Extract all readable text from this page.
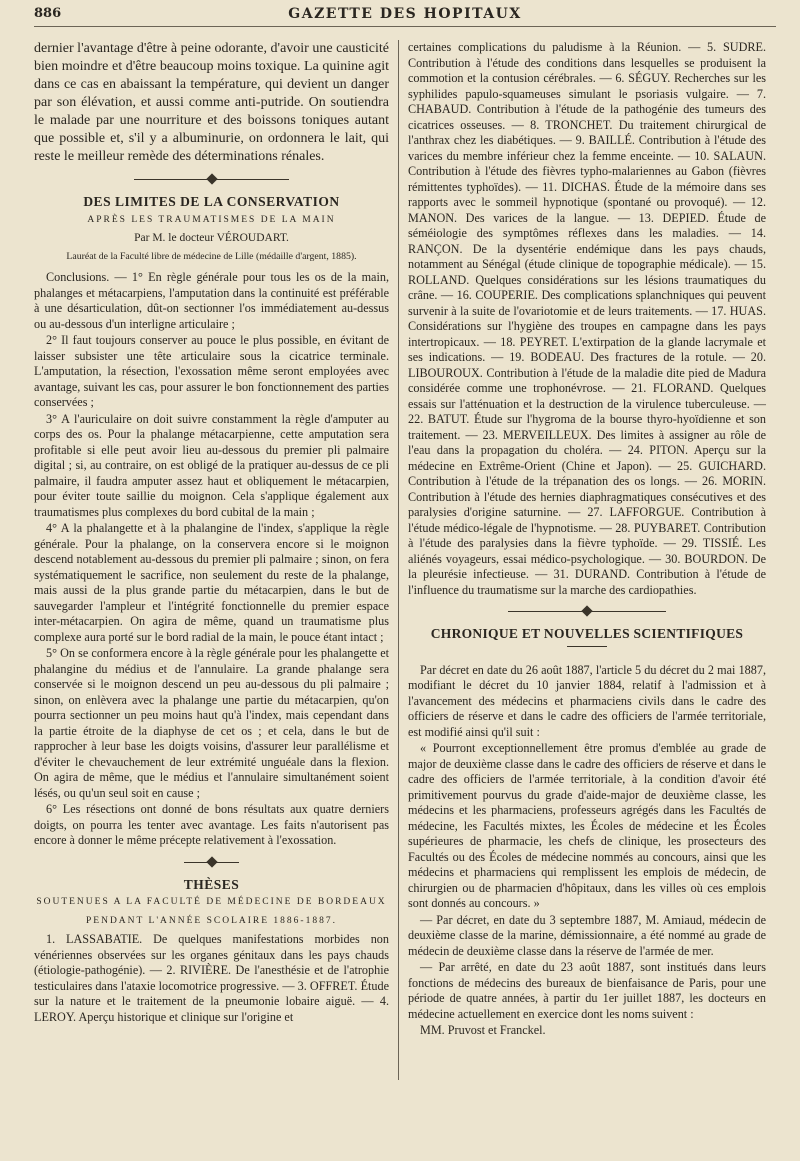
886	GAZETTE DES HOPITAUX

dernier l'avantage d'être à peine odorante, d'avoir une causticité bien moindre et d'être beaucoup moins toxique. La quinine agit dans ce cas en abaissant la température, qui devient un danger par son élévation, et aussi comme anti-putride. On soutiendra le malade par une nourriture et des boissons toniques autant que possible et, s'il y a albuminurie, on ordonnera le lait, qui reste le meilleur remède des déterminations rénales.

DES LIMITES DE LA CONSERVATION
APRÈS LES TRAUMATISMES DE LA MAIN
Par M. le docteur VÉROUDART.
Lauréat de la Faculté libre de médecine de Lille (médaille d'argent, 1885).

Conclusions. — 1° En règle générale pour tous les os de la main, phalanges et métacarpiens, l'amputation dans la continuité est préférable à une désarticulation, dût-on sectionner l'os immédiatement au-dessus ou au-dessous d'un interligne articulaire ;

2° Il faut toujours conserver au pouce le plus possible, en évitant de laisser subsister une tête articulaire sous la cicatrice terminale. L'amputation, la résection, l'exossation même seront employées avec avantage, suivant les cas, pour assurer le bon fonctionnement des parties conservées ;

3° A l'auriculaire on doit suivre constamment la règle d'amputer au corps des os. Pour la phalange métacarpienne, cette amputation sera profitable si elle peut avoir lieu au-dessous du premier pli palmaire digital ; si, au contraire, on est obligé de la pratiquer au-dessus de ce pli palmaire, il faudra amputer assez haut et obliquement le métacarpien, pour éviter toute saillie du moignon. Cela s'applique également aux traumatismes plus complexes du bord cubital de la main ;

4° A la phalangette et à la phalangine de l'index, s'applique la règle générale. Pour la phalange, on la conservera encore si le moignon descend notablement au-dessous du premier pli palmaire ; sinon, on fera systématiquement le sacrifice, non seulement du reste de la phalange, mais aussi de la plus grande partie du métacarpien, dans le but de sauvegarder l'ampleur et l'intégrité fonctionnelle du premier espace inter-métacarpien. On agira de même, quand un traumatisme plus complexe aura porté sur le bord radial de la main, le pouce étant intact ;

5° On se conformera encore à la règle générale pour les phalangette et phalangine du médius et de l'annulaire. La grande phalange sera conservée si le moignon descend un peu au-dessous du pli palmaire ; sinon, on enlèvera avec la phalange une partie du métacarpien, qu'on pourra sectionner un peu moins haut qu'à l'index, mais cependant dans la partie étroite de la diaphyse de cet os ; et cela, dans le but de rapprocher à leur base les doigts voisins, d'assurer leur parallélisme et d'éviter le chevauchement de leur extrémité unguéale dans la flexion. On agira de même, que le médius et l'annulaire simultanément soient lésés, ou qu'un seul soit en cause ;

6° Les résections ont donné de bons résultats aux quatre derniers doigts, on pourra les tenter avec avantage. Les faits n'autorisent pas encore à donner le même précepte relativement à l'exossation.

THÈSES
SOUTENUES A LA FACULTÉ DE MÉDECINE DE BORDEAUX
PENDANT L'ANNÉE SCOLAIRE 1886-1887.

1. LASSABATIE. De quelques manifestations morbides non vénériennes observées sur les organes génitaux dans les pays chauds (étiologie-pathogénie). — 2. RIVIÈRE. De l'anesthésie et de l'atrophie testiculaires dans l'ataxie locomotrice progressive. — 3. OFFRET. Étude sur la nature et le traitement de la pneumonie lobaire aiguë. — 4. LEROY. Aperçu historique et clinique sur l'origine et

certaines complications du paludisme à la Réunion. — 5. SUDRE. Contribution à l'étude des conditions dans lesquelles se produisent la commotion et la contusion cérébrales. — 6. SÉGUY. Recherches sur les syphilides papulo-squameuses simulant le psoriasis vulgaire. — 7. CHABAUD. Contribution à l'étude de la pathogénie des tumeurs des cicatrices osseuses. — 8. TRONCHET. Du traitement chirurgical de l'anthrax chez les diabétiques. — 9. BAILLÉ. Contribution à l'étude des varices du membre inférieur chez la femme enceinte. — 10. SALAUN. Contribution à l'étude des fièvres typho-malariennes au Gabon (fièvres rémittentes typhoïdes). — 11. DICHAS. Étude de la mémoire dans ses rapports avec le sommeil hypnotique (spontané ou provoqué). — 12. MANON. Des varices de la langue. — 13. DEPIED. Étude de séméiologie des symptômes réflexes dans les maladies. — 14. RANÇON. De la dysentérie endémique dans les pays chauds, notamment au Sénégal (étude clinique de topographie médicale). — 15. ROLLAND. Quelques considérations sur les lésions traumatiques du crâne. — 16. COUPERIE. Des complications splanchniques qui peuvent survenir à la suite de l'ovariotomie et de leurs traitements. — 17. HUAS. Considérations sur l'hygiène des troupes en campagne dans les pays intertropicaux. — 18. PEYRET. L'extirpation de la glande lacrymale et ses indications. — 19. BODEAU. Des fractures de la rotule. — 20. LIBOUROUX. Contribution à l'étude de la maladie dite pied de Madura considérée comme une trophonévrose. — 21. FLORAND. Quelques essais sur l'atténuation et la destruction de la virulence tuberculeuse. — 22. BATUT. Étude sur l'hygroma de la bourse thyro-hyoïdienne et son traitement. — 23. MERVEILLEUX. Des limites à assigner au rôle de l'eau dans la propagation du choléra. — 24. PITON. Aperçu sur la médecine en Extrême-Orient (Chine et Japon). — 25. GUICHARD. Contribution à l'étude de la trépanation des os longs. — 26. MORIN. Contribution à l'étude des hernies diaphragmatiques consécutives et des paralysies d'origine saturnine. — 27. LAFFORGUE. Contribution à l'étude médico-légale de l'hypnotisme. — 28. PUYBARET. Contribution à l'étude des paralysies dans la fièvre typhoïde. — 29. TISSIÉ. Les aliénés voyageurs, essai médico-psychologique. — 30. BOURDON. De la pleurésie infectieuse. — 31. DURAND. Contribution à l'étude de l'influence du traumatisme sur la marche des cardiopathies.

CHRONIQUE ET NOUVELLES SCIENTIFIQUES

Par décret en date du 26 août 1887, l'article 5 du décret du 2 mai 1887, modifiant le décret du 10 janvier 1884, relatif à l'admission et à l'avancement des médecins et pharmaciens civils dans le cadre des officiers de réserve et dans le cadre des officiers de l'armée territoriale, est modifié ainsi qu'il suit :

« Pourront exceptionnellement être promus d'emblée au grade de major de deuxième classe dans le cadre des officiers de réserve et dans le cadre des officiers de l'armée territoriale, à la condition d'avoir été primitivement pourvus du grade d'aide-major de deuxième classe, les médecins et les pharmaciens, professeurs agrégés dans les Facultés de médecine, les Facultés mixtes, les Écoles de médecine et les Écoles supérieures de pharmacie, les chefs de clinique, les prosecteurs des Facultés ou des Écoles de médecine nommés au concours, ainsi que les médecins et pharmaciens qui remplissent les emplois de médecin, de chirurgien ou de pharmacien d'hôpitaux, dans les villes où ces emplois sont donnés au concours. »

— Par décret, en date du 3 septembre 1887, M. Amiaud, médecin de deuxième classe de la marine, démissionnaire, a été nommé au grade de médecin de deuxième classe dans la réserve de l'armée de mer.

— Par arrêté, en date du 23 août 1887, sont institués dans leurs fonctions de médecins des bureaux de bienfaisance de Paris, pour une période de quatre années, à partir du 1er juillet 1887, les docteurs en médecine actuellement en exercice dont les noms suivent :

MM. Pruvost et Franckel.
